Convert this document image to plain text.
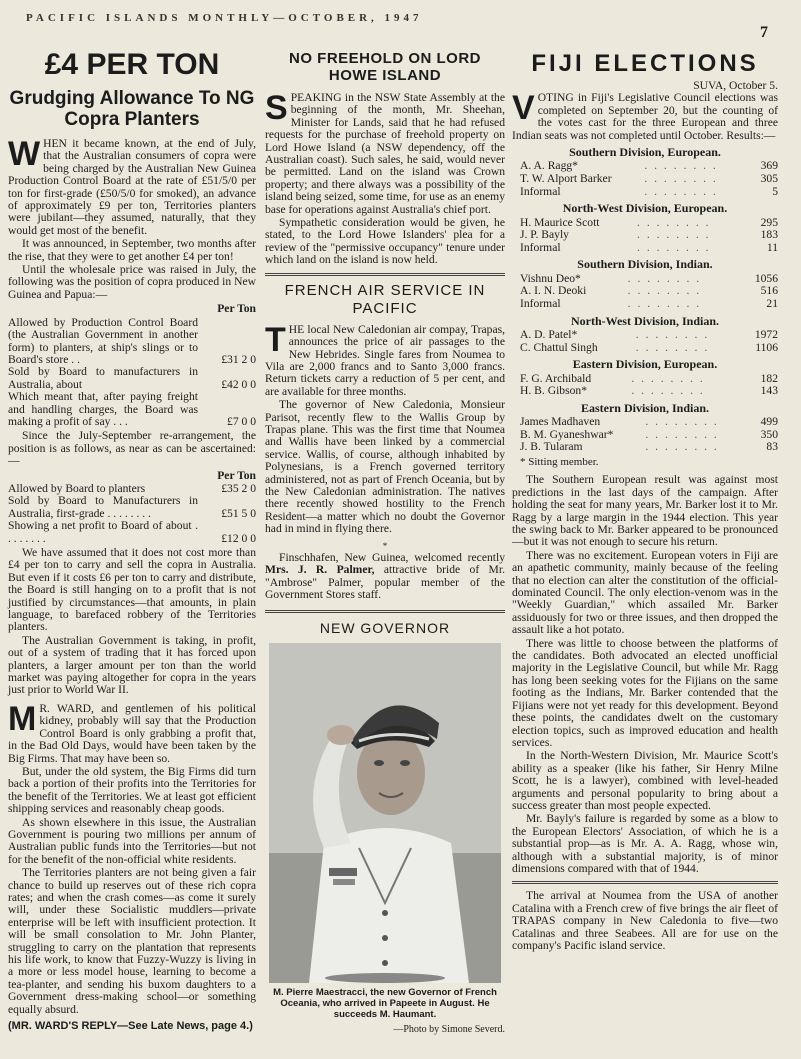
PACIFIC ISLANDS MONTHLY—OCTOBER, 1947
7
£4 PER TON
Grudging Allowance To NG Copra Planters

WHEN it became known, at the end of July, that the Australian consumers of copra were being charged by the Australian New Guinea Production Control Board at the rate of £51/5/0 per ton for first-grade (£50/5/0 for smoked), an advance of approximately £9 per ton, Territories planters were jubilant—they assumed, naturally, that they would get most of the benefit.

It was announced, in September, two months after the rise, that they were to get another £4 per ton!

Until the wholesale price was raised in July, the following was the position of copra produced in New Guinea and Papua:—

Per Ton
Allowed by Production Control Board (the Australian Government in another form) to planters, at ship's slings or to Board's store . .	£31 2 0
Sold by Board to manufacturers in Australia, about	£42 0 0
Which meant that, after paying freight and handling charges, the Board was making a profit of say . . .	£7 0 0

Since the July-September re-arrangement, the position is as follows, as near as can be ascertained:—

Per Ton
Allowed by Board to planters	£35 2 0
Sold by Board to Manufacturers in Australia, first-grade . . . . . . . .	£51 5 0
Showing a net profit to Board of about . . . . . . . .	£12 0 0

We have assumed that it does not cost more than £4 per ton to carry and sell the copra in Australia. But even if it costs £6 per ton to carry and distribute, the Board is still hanging on to a profit that is not justified by circumstances—that amounts, in plain language, to barefaced robbery of the Territories planters.

The Australian Government is taking, in profit, out of a system of trading that it has forced upon planters, a larger amount per ton than the world market was paying altogether for copra in the years just prior to World War II.

M R. WARD, and gentlemen of his political kidney, probably will say that the Production Control Board is only grabbing a profit that, in the Bad Old Days, would have been taken by the Big Firms. That may have been so.

But, under the old system, the Big Firms did turn back a portion of their profits into the Territories for the benefit of the Territories. We at least got efficient shipping services and reasonably cheap goods.

As shown elsewhere in this issue, the Australian Government is pouring two millions per annum of Australian public funds into the Territories—but not for the benefit of the non-official white residents.

The Territories planters are not being given a fair chance to build up reserves out of these rich copra rates; and when the crash comes—as come it surely will, under these Socialistic muddlers—private enterprise will be left with insufficient protection. It will be small consolation to Mr. John Planter, struggling to carry on the plantation that represents his life work, to know that Fuzzy-Wuzzy is living in a more or less model house, learning to become a tea-planter, and sending his buxom daughters to a Government dress-making school—or something equally absurd.

(MR. WARD'S REPLY—See Late News, page 4.)
NO FREEHOLD ON LORD HOWE ISLAND

SPEAKING in the NSW State Assembly at the beginning of the month, Mr. Sheehan, Minister for Lands, said that he had refused requests for the purchase of freehold property on Lord Howe Island (a NSW dependency, off the Australian coast). Such sales, he said, would never be permitted. Land on the island was Crown property; and there always was a possibility of the island being seized, some time, for use as an enemy base for operations against Australia's chief port.

Sympathetic consideration would be given, he stated, to the Lord Howe Islanders' plea for a review of the "permissive occupancy" tenure under which land on the island is now held.

FRENCH AIR SERVICE IN PACIFIC

THE local New Caledonian air compay, Trapas, announces the price of air passages to the New Hebrides. Single fares from Noumea to Vila are 2,000 francs and to Santo 3,000 francs. Return tickets carry a reduction of 5 per cent, and are available for three months.

The governor of New Caledonia, Monsieur Parisot, recently flew to the Wallis Group by Trapas plane. This was the first time that Noumea and Wallis have been linked by a commercial service. Wallis, of course, although inhabited by Polynesians, is a French governed territory administered, not as part of French Oceania, but by the New Caledonian administration. The natives there recently showed hostility to the French Resident—a matter which no doubt the Governor had in mind in flying there.

*

Finschhafen, New Guinea, welcomed recently Mrs. J. R. Palmer, attractive bride of Mr. "Ambrose" Palmer, popular member of the Government Stores staff.

NEW GOVERNOR
M. Pierre Maestracci, the new Governor of French Oceania, who arrived in Papeete in August. He succeeds M. Haumant.
—Photo by Simone Severd.
FIJI ELECTIONS
SUVA, October 5.

VOTING in Fiji's Legislative Council elections was completed on September 20, but the counting of the votes cast for the three European and three Indian seats was not completed until October. Results:—

Southern Division, European.
A. A. Ragg*	. . . . . . . .	369
T. W. Alport Barker	. . . . . . . .	305
Informal	. . . . . . . .	5
North-West Division, European.
H. Maurice Scott	. . . . . . . .	295
J. P. Bayly	. . . . . . . .	183
Informal	. . . . . . . .	11
Southern Division, Indian.
Vishnu Deo*	. . . . . . . .	1056
A. I. N. Deoki	. . . . . . . .	516
Informal	. . . . . . . .	21
North-West Division, Indian.
A. D. Patel*	. . . . . . . .	1972
C. Chattul Singh	. . . . . . . .	1106
Eastern Division, European.
F. G. Archibald	. . . . . . . .	182
H. B. Gibson*	. . . . . . . .	143
Eastern Division, Indian.
James Madhaven	. . . . . . . .	499
B. M. Gyaneshwar*	. . . . . . . .	350
J. B. Tularam	. . . . . . . .	83
* Sitting member.

The Southern European result was against most predictions in the last days of the campaign. After holding the seat for many years, Mr. Barker lost it to Mr. Ragg by a large margin in the 1944 election. This year the swing back to Mr. Barker appeared to be pronounced—but it was not enough to secure his return.

There was no excitement. European voters in Fiji are an apathetic community, mainly because of the feeling that no election can alter the constitution of the official-dominated Council. The only election-venom was in the "Weekly Guardian," which assailed Mr. Barker assiduously for two or three issues, and then dropped the assault like a hot potato.

There was little to choose between the platforms of the candidates. Both advocated an elected unofficial majority in the Legislative Council, but while Mr. Ragg has long been seeking votes for the Fijians on the same footing as the Indians, Mr. Barker contended that the Fijians were not yet ready for this development. Beyond these points, the candidates dwelt on the customary election topics, such as improved education and health services.

In the North-Western Division, Mr. Maurice Scott's ability as a speaker (like his father, Sir Henry Milne Scott, he is a lawyer), combined with level-headed arguments and personal popularity to bring about a success greater than most people expected.

Mr. Bayly's failure is regarded by some as a blow to the European Electors' Association, of which he is a substantial prop—as is Mr. A. A. Ragg, whose win, although with a substantial majority, is of minor dimensions compared with that of 1944.

The arrival at Noumea from the USA of another Catalina with a French crew of five brings the air fleet of TRAPAS company in New Caledonia to five—two Catalinas and three Seabees. All are for use on the company's Pacific island service.
